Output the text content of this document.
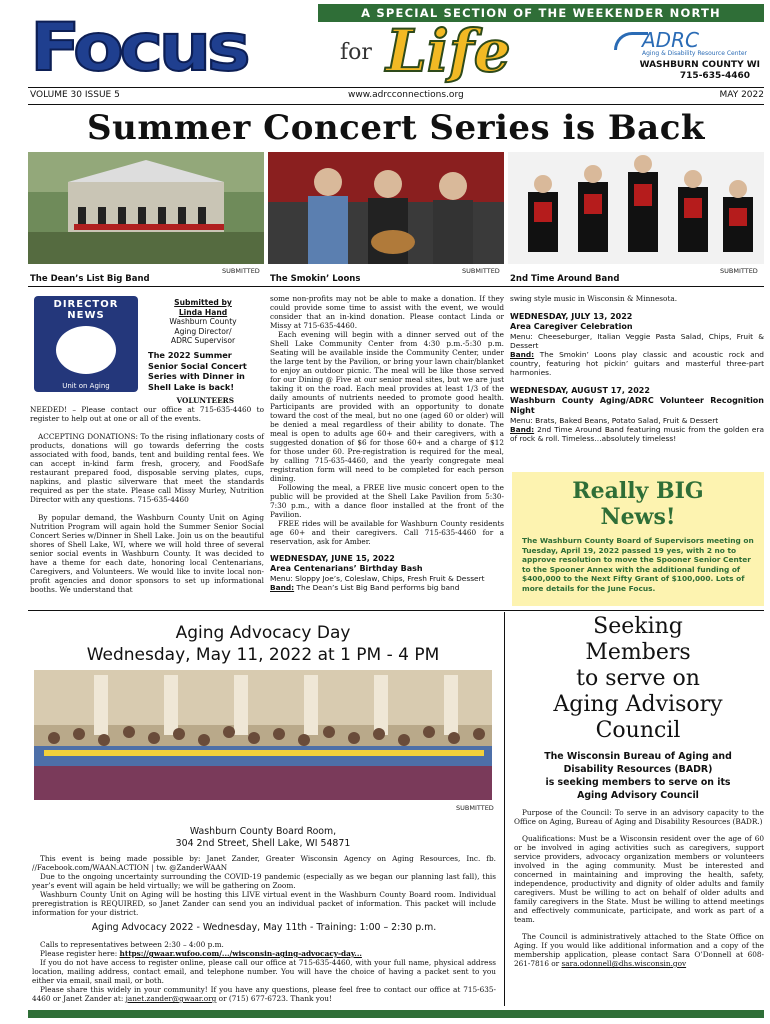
A SPECIAL SECTION OF THE WEEKENDER NORTH
Focus	for Life	ADRC
Aging & Disability Resource Center
WASHBURN COUNTY WI
715-635-4460
VOLUME 30 ISSUE 5	www.adrcconnections.org	MAY 2022
Summer Concert Series is Back
SUBMITTED	SUBMITTED	SUBMITTED
The Dean’s List Big Band	The Smokin’ Loons	2nd Time Around Band
DIRECTOR
NEWS
Unit on Aging
Submitted by
Linda Hand
Washburn County
Aging Director/
ADRC Supervisor
The 2022 Summer Senior Social Concert Series with Dinner in Shell Lake is back!

VOLUNTEERS

NEEDED! – Please contact our office at 715-635-4460 to register to help out at one or all of the events.

ACCEPTING DONATIONS: To the rising inflationary costs of products, donations will go towards deferring the costs associated with food, bands, tent and building rental fees. We can accept in-kind farm fresh, grocery, and FoodSafe restaurant prepared food, disposable serving plates, cups, napkins, and plastic silverware that meet the standards required as per the state. Please call Missy Murley, Nutrition Director with any questions. 715-635-4460

By popular demand, the Washburn County Unit on Aging Nutrition Program will again hold the Summer Senior Social Concert Series w/Dinner in Shell Lake. Join us on the beautiful shores of Shell Lake, WI, where we will hold three of several senior social events in Washburn County. It was decided to have a theme for each date, honoring local Centenarians, Caregivers, and Volunteers. We would like to invite local non-profit agencies and donor sponsors to set up informational booths. We understand that

some non-profits may not be able to make a donation. If they could provide some time to assist with the event, we would consider that an in-kind donation. Please contact Linda or Missy at 715-635-4460.

Each evening will begin with a dinner served out of the Shell Lake Community Center from 4:30 p.m.-5:30 p.m. Seating will be available inside the Community Center, under the large tent by the Pavilion, or bring your lawn chair/blanket to enjoy an outdoor picnic. The meal will be like those served for our Dining @ Five at our senior meal sites, but we are just taking it on the road. Each meal provides at least 1/3 of the daily amounts of nutrients needed to promote good health. Participants are provided with an opportunity to donate toward the cost of the meal, but no one (aged 60 or older) will be denied a meal regardless of their ability to donate. The meal is open to adults age 60+ and their caregivers, with a suggested donation of $6 for those 60+ and a charge of $12 for those under 60. Pre-registration is required for the meal, by calling 715-635-4460, and the yearly congregate meal registration form will need to be completed for each person dining.

Following the meal, a FREE live music concert open to the public will be provided at the Shell Lake Pavilion from 5:30-7:30 p.m., with a dance floor installed at the front of the Pavilion.

FREE rides will be available for Washburn County residents age 60+ and their caregivers. Call 715-635-4460 for a reservation, ask for Amber.

WEDNESDAY, JUNE 15, 2022

Area Centenarians’ Birthday Bash

Menu: Sloppy Joe’s, Coleslaw, Chips, Fresh Fruit & Dessert

Band: The Dean’s List Big Band performs big band

swing style music in Wisconsin & Minnesota.

WEDNESDAY, JULY 13, 2022

Area Caregiver Celebration

Menu: Cheeseburger, Italian Veggie Pasta Salad, Chips, Fruit & Dessert

Band: The Smokin’ Loons play classic and acoustic rock and country, featuring hot pickin’ guitars and masterful three-part harmonies.

WEDNESDAY, AUGUST 17, 2022

Washburn County Aging/ADRC Volunteer Recognition Night

Menu: Brats, Baked Beans, Potato Salad, Fruit & Dessert

Band: 2nd Time Around Band featuring music from the golden era of rock & roll. Timeless…absolutely timeless!

Really BIG
News!
The Washburn County Board of Supervisors meeting on Tuesday, April 19, 2022 passed 19 yes, with 2 no to approve resolution to move the Spooner Senior Center to the Spooner Annex with the additional funding of $400,000 to the Next Fifty Grant of $100,000. Lots of more details for the June Focus.
Aging Advocacy Day
Wednesday, May 11, 2022 at 1 PM - 4 PM
SUBMITTED
Washburn County Board Room,
304 2nd Street, Shell Lake, WI 54871

This event is being made possible by: Janet Zander, Greater Wisconsin Agency on Aging Resources, Inc. fb. //Facebook.com/WAAN.ACTION | tw. @ZanderWAAN

Due to the ongoing uncertainty surrounding the COVID-19 pandemic (especially as we began our planning last fall), this year’s event will again be held virtually; we will be gathering on Zoom.

Washburn County Unit on Aging will be hosting this LIVE virtual event in the Washburn County Board room. Individual preregistration is REQUIRED, so Janet Zander can send you an individual packet of information. This packet will include information for your district.

Aging Advocacy 2022 - Wednesday, May 11th - Training: 1:00 – 2:30 p.m.

Calls to representatives between 2:30 – 4:00 p.m.

Please register here: https://gwaar.wufoo.com/.../wisconsin-aging-advocacy-day...

If you do not have access to register online, please call our office at 715-635-4460, with your full name, physical address location, mailing address, contact email, and telephone number. You will have the choice of having a packet sent to you either via email, snail mail, or both.

Please share this widely in your community! If you have any questions, please feel free to contact our office at 715-635-4460 or Janet Zander at: janet.zander@gwaar.org or (715) 677-6723. Thank you!

Seeking
Members
to serve on
Aging Advisory
Council
The Wisconsin Bureau of Aging and
Disability Resources (BADR)
is seeking members to serve on its
Aging Advisory Council

Purpose of the Council: To serve in an advisory capacity to the Office on Aging, Bureau of Aging and Disability Resources (BADR.)

Qualifications: Must be a Wisconsin resident over the age of 60 or be involved in aging activities such as caregivers, support service providers, advocacy organization members or volunteers involved in the aging community. Must be interested and concerned in maintaining and improving the health, safety, independence, productivity and dignity of older adults and family caregivers. Must be willing to act on behalf of older adults and family caregivers in the State. Must be willing to attend meetings and effectively communicate, participate, and work as part of a team.

The Council is administratively attached to the State Office on Aging. If you would like additional information and a copy of the membership application, please contact Sara O’Donnell at 608-261-7816 or sara.odonnell@dhs.wisconsin.gov
